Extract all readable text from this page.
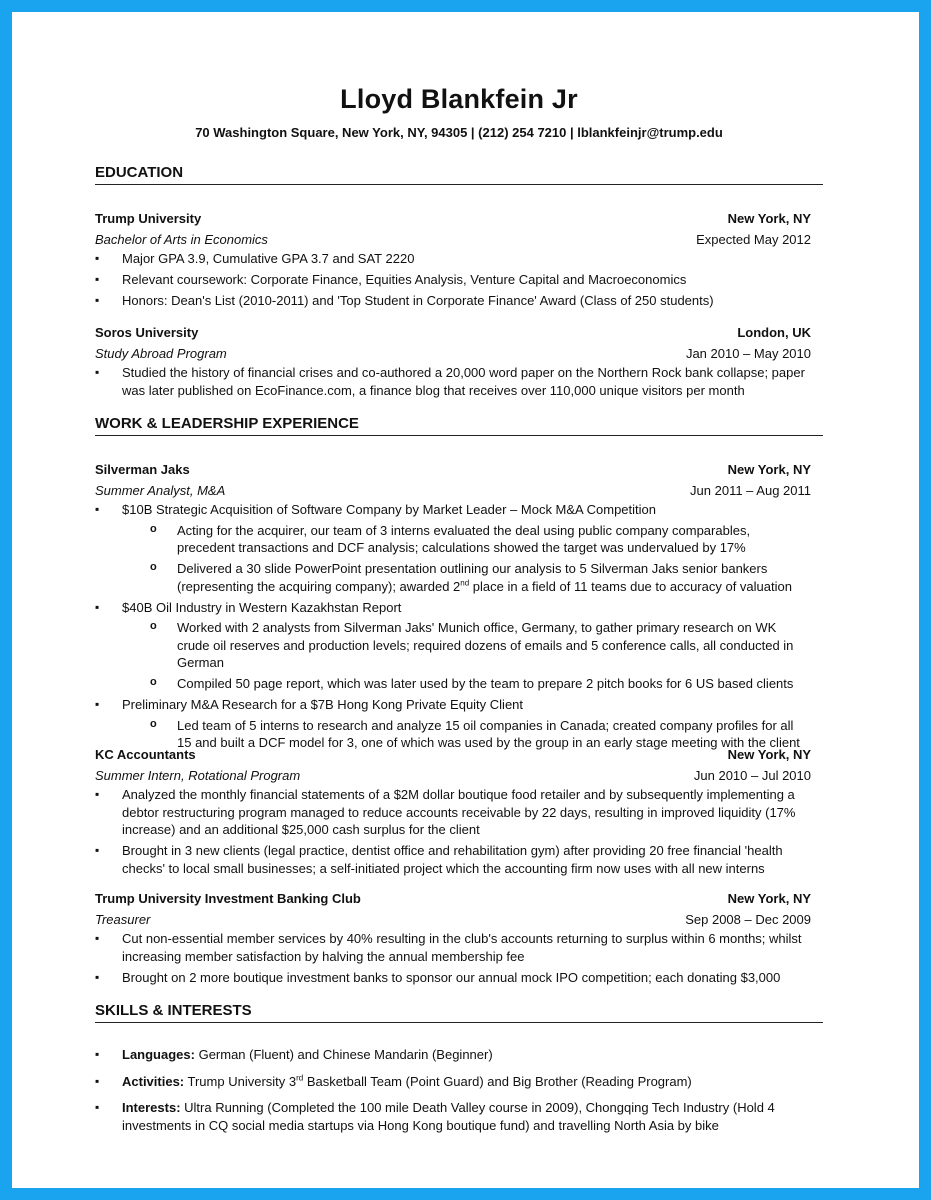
Lloyd Blankfein Jr
70 Washington Square, New York, NY, 94305 | (212) 254 7210 | lblankfeinjr@trump.edu
EDUCATION
Trump University	New York, NY
Bachelor of Arts in Economics	Expected May 2012
▪ Major GPA 3.9, Cumulative GPA 3.7 and SAT 2220
▪ Relevant coursework: Corporate Finance, Equities Analysis, Venture Capital and Macroeconomics
▪ Honors: Dean's List (2010-2011) and 'Top Student in Corporate Finance' Award (Class of 250 students)
Soros University	London, UK
Study Abroad Program	Jan 2010 – May 2010
▪ Studied the history of financial crises and co-authored a 20,000 word paper on the Northern Rock bank collapse; paper was later published on EcoFinance.com, a finance blog that receives over 110,000 unique visitors per month
WORK & LEADERSHIP EXPERIENCE
Silverman Jaks	New York, NY
Summer Analyst, M&A	Jun 2011 – Aug 2011
▪ $10B Strategic Acquisition of Software Company by Market Leader – Mock M&A Competition
o Acting for the acquirer, our team of 3 interns evaluated the deal using public company comparables, precedent transactions and DCF analysis; calculations showed the target was undervalued by 17%
o Delivered a 30 slide PowerPoint presentation outlining our analysis to 5 Silverman Jaks senior bankers (representing the acquiring company); awarded 2nd place in a field of 11 teams due to accuracy of valuation
▪ $40B Oil Industry in Western Kazakhstan Report
o Worked with 2 analysts from Silverman Jaks' Munich office, Germany, to gather primary research on WK crude oil reserves and production levels; required dozens of emails and 5 conference calls, all conducted in German
o Compiled 50 page report, which was later used by the team to prepare 2 pitch books for 6 US based clients
▪ Preliminary M&A Research for a $7B Hong Kong Private Equity Client
o Led team of 5 interns to research and analyze 15 oil companies in Canada; created company profiles for all 15 and built a DCF model for 3, one of which was used by the group in an early stage meeting with the client
KC Accountants	New York, NY
Summer Intern, Rotational Program	Jun 2010 – Jul 2010
▪ Analyzed the monthly financial statements of a $2M dollar boutique food retailer and by subsequently implementing a debtor restructuring program managed to reduce accounts receivable by 22 days, resulting in improved liquidity (17% increase) and an additional $25,000 cash surplus for the client
▪ Brought in 3 new clients (legal practice, dentist office and rehabilitation gym) after providing 20 free financial 'health checks' to local small businesses; a self-initiated project which the accounting firm now uses with all new interns
Trump University Investment Banking Club	New York, NY
Treasurer	Sep 2008 – Dec 2009
▪ Cut non-essential member services by 40% resulting in the club's accounts returning to surplus within 6 months; whilst increasing member satisfaction by halving the annual membership fee
▪ Brought on 2 more boutique investment banks to sponsor our annual mock IPO competition; each donating $3,000
SKILLS & INTERESTS
▪ Languages: German (Fluent) and Chinese Mandarin (Beginner)
▪ Activities: Trump University 3rd Basketball Team (Point Guard) and Big Brother (Reading Program)
▪ Interests: Ultra Running (Completed the 100 mile Death Valley course in 2009), Chongqing Tech Industry (Hold 4 investments in CQ social media startups via Hong Kong boutique fund) and travelling North Asia by bike
